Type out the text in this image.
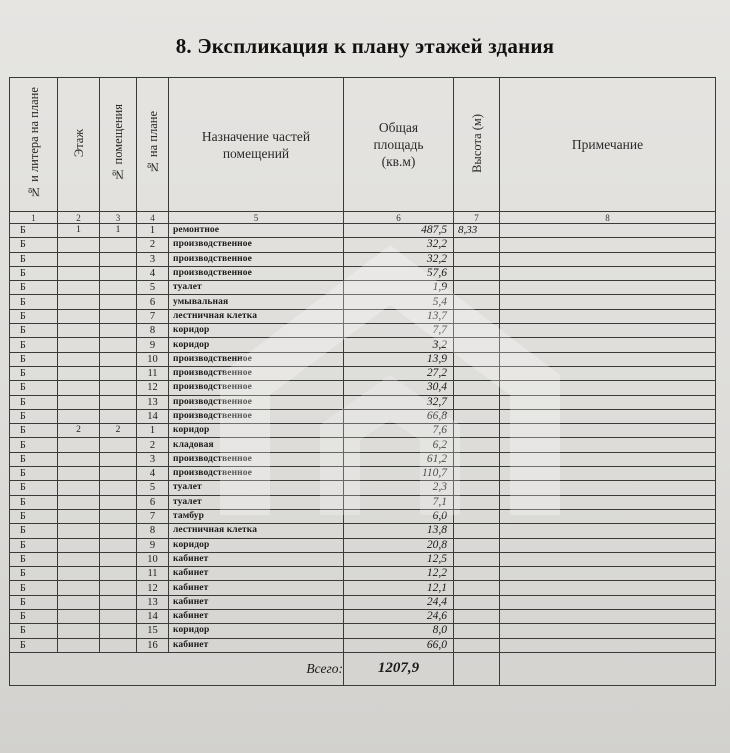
8. Экспликация к плану этажей здания
№ и литера на плане	Этаж	№ помещения	№ на плане	Назначение частей помещений	Общая площадь (кв.м)	Высота (м)	Примечание

1	2	3	4	5	6	7	8
Б	1	1	1	ремонтное	487,5	8,33	
Б			2	производственное	32,2		
Б			3	производственное	32,2		
Б			4	производственное	57,6		
Б			5	туалет	1,9		
Б			6	умывальная	5,4		
Б			7	лестничная клетка	13,7		
Б			8	коридор	7,7		
Б			9	коридор	3,2		
Б			10	производственное	13,9		
Б			11	производственное	27,2		
Б			12	производственное	30,4		
Б			13	производственное	32,7		
Б			14	производственное	66,8		
Б	2	2	1	коридор	7,6		
Б			2	кладовая	6,2		
Б			3	производственное	61,2		
Б			4	производственное	110,7		
Б			5	туалет	2,3		
Б			6	туалет	7,1		
Б			7	тамбур	6,0		
Б			8	лестничная клетка	13,8		
Б			9	коридор	20,8		
Б			10	кабинет	12,5		
Б			11	кабинет	12,2		
Б			12	кабинет	12,1		
Б			13	кабинет	24,4		
Б			14	кабинет	24,6		
Б			15	коридор	8,0		
Б			16	кабинет	66,0		
Всего:					1207,9		
